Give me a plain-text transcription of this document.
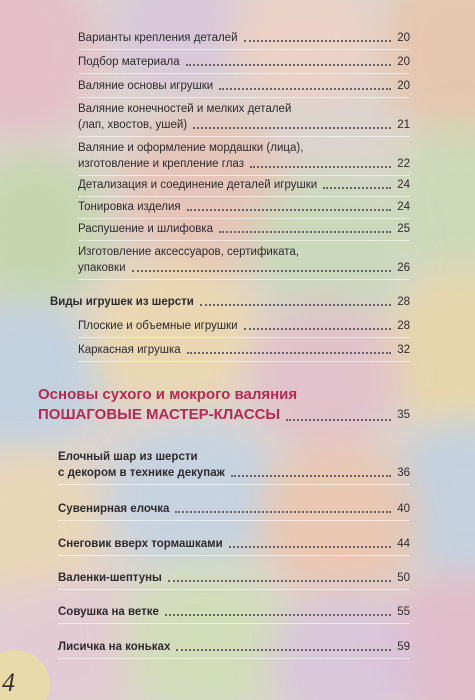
4
Варианты крепления деталей	20
Подбор материала	20
Валяние основы игрушки	20
Валяние конечностей и мелких деталей
(лап, хвостов, ушей)	21
Валяние и оформление мордашки (лица),
изготовление и крепление глаз	22
Детализация и соединение деталей игрушки	24
Тонировка изделия	24
Распушение и шлифовка	25
Изготовление аксессуаров, сертификата,
упаковки	26
Виды игрушек из шерсти	28
Плоские и объемные игрушки	28
Каркасная игрушка	32
Основы сухого и мокрого валяния
ПОШАГОВЫЕ МАСТЕР-КЛАССЫ	35
Елочный шар из шерсти
с декором в технике декупаж	36
Сувенирная елочка	40
Снеговик вверх тормашками	44
Валенки-шептуны	50
Совушка на ветке	55
Лисичка на коньках	59
